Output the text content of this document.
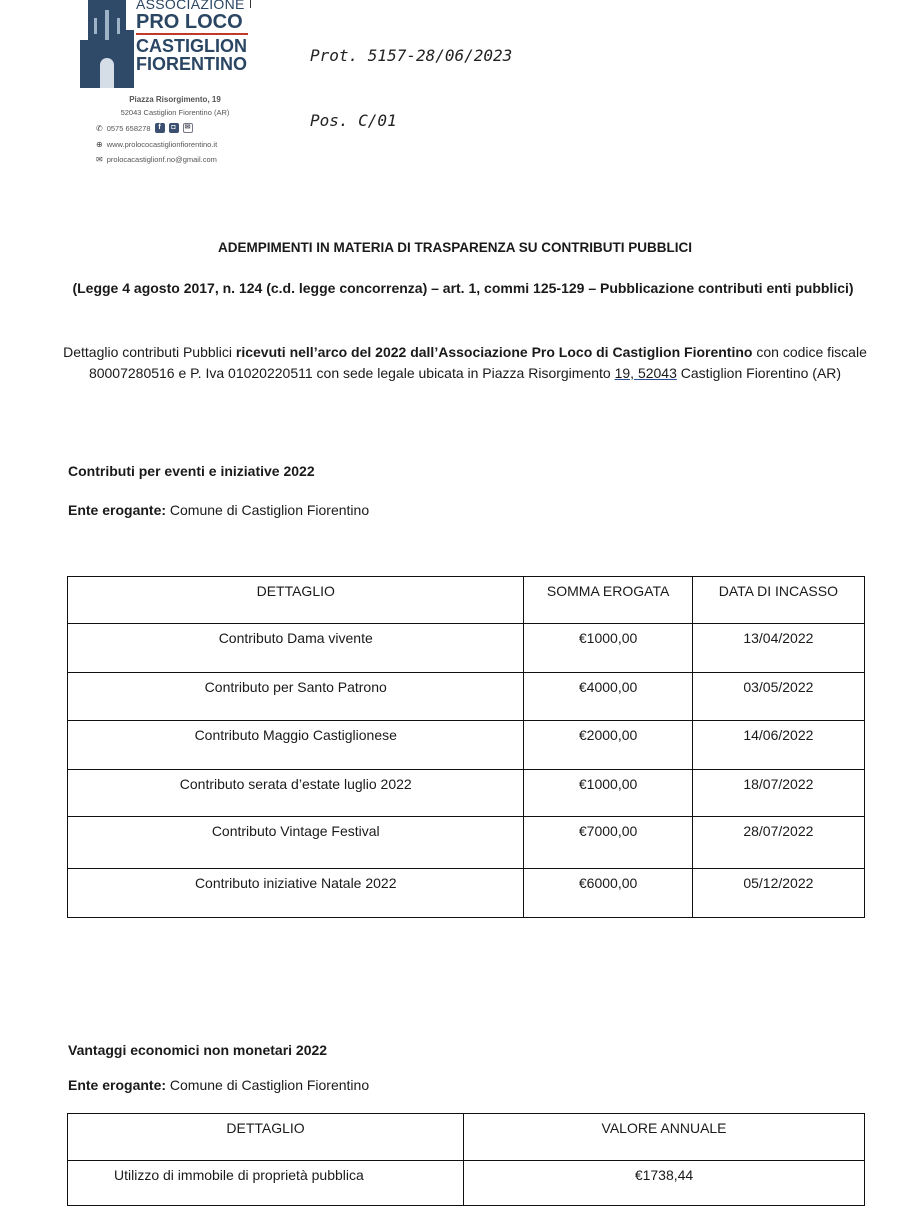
ASSOCIAZIONE
PRO LOCO
CASTIGLION
FIORENTINO
Piazza Risorgimento, 19
52043 Castiglion Fiorentino (AR)
✆ 0575 658278	f	◘	✉
⊕ www.prolococastiglionfiorentino.it
✉ prolocacastiglionf.no@gmail.com
Prot. 5157-28/06/2023
Pos. C/01
ADEMPIMENTI IN MATERIA DI TRASPARENZA SU CONTRIBUTI PUBBLICI
(Legge 4 agosto 2017, n. 124 (c.d. legge concorrenza) – art. 1, commi 125-129 – Pubblicazione contributi enti pubblici)
Dettaglio contributi Pubblici ricevuti nell’arco del 2022 dall’Associazione Pro Loco di Castiglion Fiorentino con codice fiscale 80007280516 e P. Iva 01020220511 con sede legale ubicata in Piazza Risorgimento 19, 52043 Castiglion Fiorentino (AR)
Contributi per eventi e iniziative 2022
Ente erogante: Comune di Castiglion Fiorentino
DETTAGLIO	SOMMA EROGATA	DATA DI INCASSO
Contributo Dama vivente	€1000,00	13/04/2022
Contributo per Santo Patrono	€4000,00	03/05/2022
Contributo Maggio Castiglionese	€2000,00	14/06/2022
Contributo serata d’estate luglio 2022	€1000,00	18/07/2022
Contributo Vintage Festival	€7000,00	28/07/2022
Contributo iniziative Natale 2022	€6000,00	05/12/2022
Vantaggi economici non monetari 2022
Ente erogante: Comune di Castiglion Fiorentino
DETTAGLIO	VALORE ANNUALE
Utilizzo di immobile di proprietà pubblica	€1738,44
